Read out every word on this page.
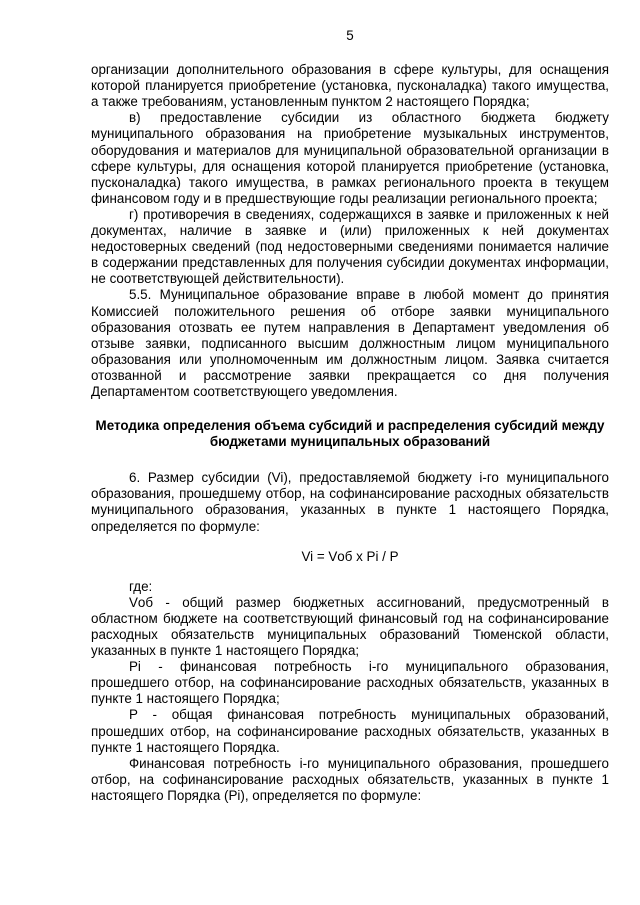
5

организации дополнительного образования в сфере культуры, для оснащения которой планируется приобретение (установка, пусконаладка) такого имущества, а также требованиям, установленным пунктом 2 настоящего Порядка;

в) предоставление субсидии из областного бюджета бюджету муниципального образования на приобретение музыкальных инструментов, оборудования и материалов для муниципальной образовательной организации в сфере культуры, для оснащения которой планируется приобретение (установка, пусконаладка) такого имущества, в рамках регионального проекта в текущем финансовом году и в предшествующие годы реализации регионального проекта;

г) противоречия в сведениях, содержащихся в заявке и приложенных к ней документах, наличие в заявке и (или) приложенных к ней документах недостоверных сведений (под недостоверными сведениями понимается наличие в содержании представленных для получения субсидии документах информации, не соответствующей действительности).

5.5. Муниципальное образование вправе в любой момент до принятия Комиссией положительного решения об отборе заявки муниципального образования отозвать ее путем направления в Департамент уведомления об отзыве заявки, подписанного высшим должностным лицом муниципального образования или уполномоченным им должностным лицом. Заявка считается отозванной и рассмотрение заявки прекращается со дня получения Департаментом соответствующего уведомления.

Методика определения объема субсидий и распределения субсидий между бюджетами муниципальных образований

6. Размер субсидии (Vi), предоставляемой бюджету i-го муниципального образования, прошедшему отбор, на софинансирование расходных обязательств муниципального образования, указанных в пункте 1 настоящего Порядка, определяется по формуле:

Vi = Vоб x Pi / P

где:

Vоб - общий размер бюджетных ассигнований, предусмотренный в областном бюджете на соответствующий финансовый год на софинансирование расходных обязательств муниципальных образований Тюменской области, указанных в пункте 1 настоящего Порядка;

Pi - финансовая потребность i-го муниципального образования, прошедшего отбор, на софинансирование расходных обязательств, указанных в пункте 1 настоящего Порядка;

P - общая финансовая потребность муниципальных образований, прошедших отбор, на софинансирование расходных обязательств, указанных в пункте 1 настоящего Порядка.

Финансовая потребность i-го муниципального образования, прошедшего отбор, на софинансирование расходных обязательств, указанных в пункте 1 настоящего Порядка (Pi), определяется по формуле:
